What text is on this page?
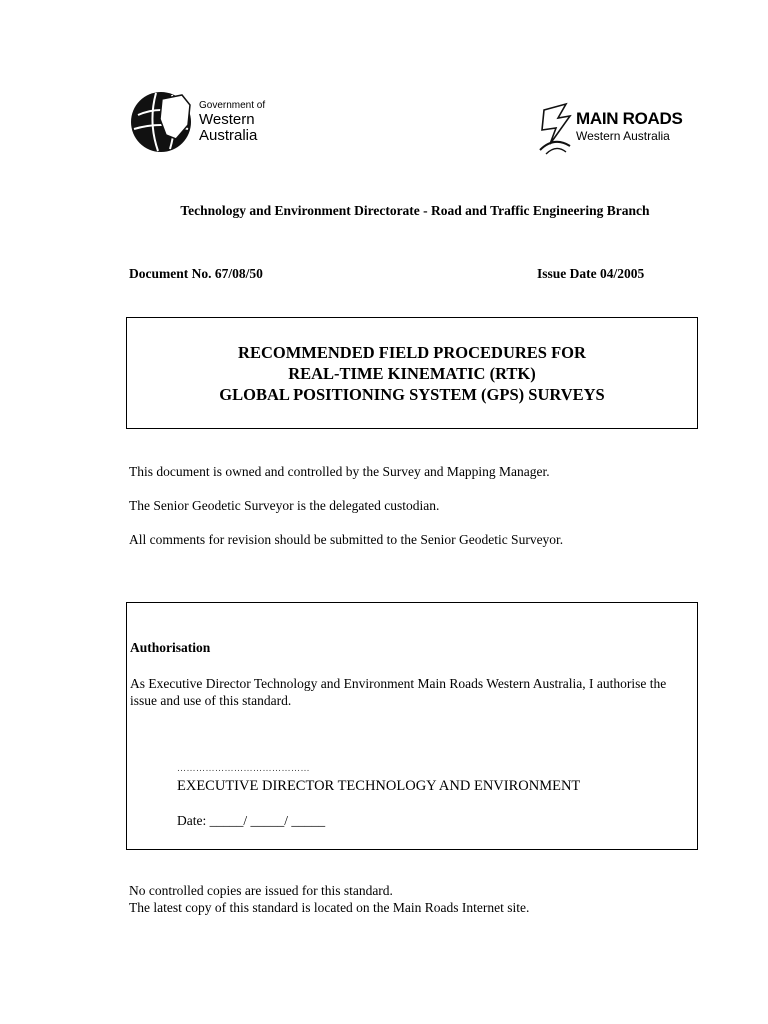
Government of
Western
Australia
MAIN ROADS
Western Australia
Technology and Environment Directorate - Road and Traffic Engineering Branch
Document No. 67/08/50	Issue Date 04/2005
RECOMMENDED FIELD PROCEDURES FOR
REAL-TIME KINEMATIC (RTK)
GLOBAL POSITIONING SYSTEM (GPS) SURVEYS
This document is owned and controlled by the Survey and Mapping Manager.
The Senior Geodetic Surveyor is the delegated custodian.
All comments for revision should be submitted to the Senior Geodetic Surveyor.
Authorisation
As Executive Director Technology and Environment Main Roads Western Australia, I authorise the issue and use of this standard.
……………………………………
EXECUTIVE DIRECTOR TECHNOLOGY AND ENVIRONMENT
Date: _____/ _____/ _____
No controlled copies are issued for this standard.
The latest copy of this standard is located on the Main Roads Internet site.
